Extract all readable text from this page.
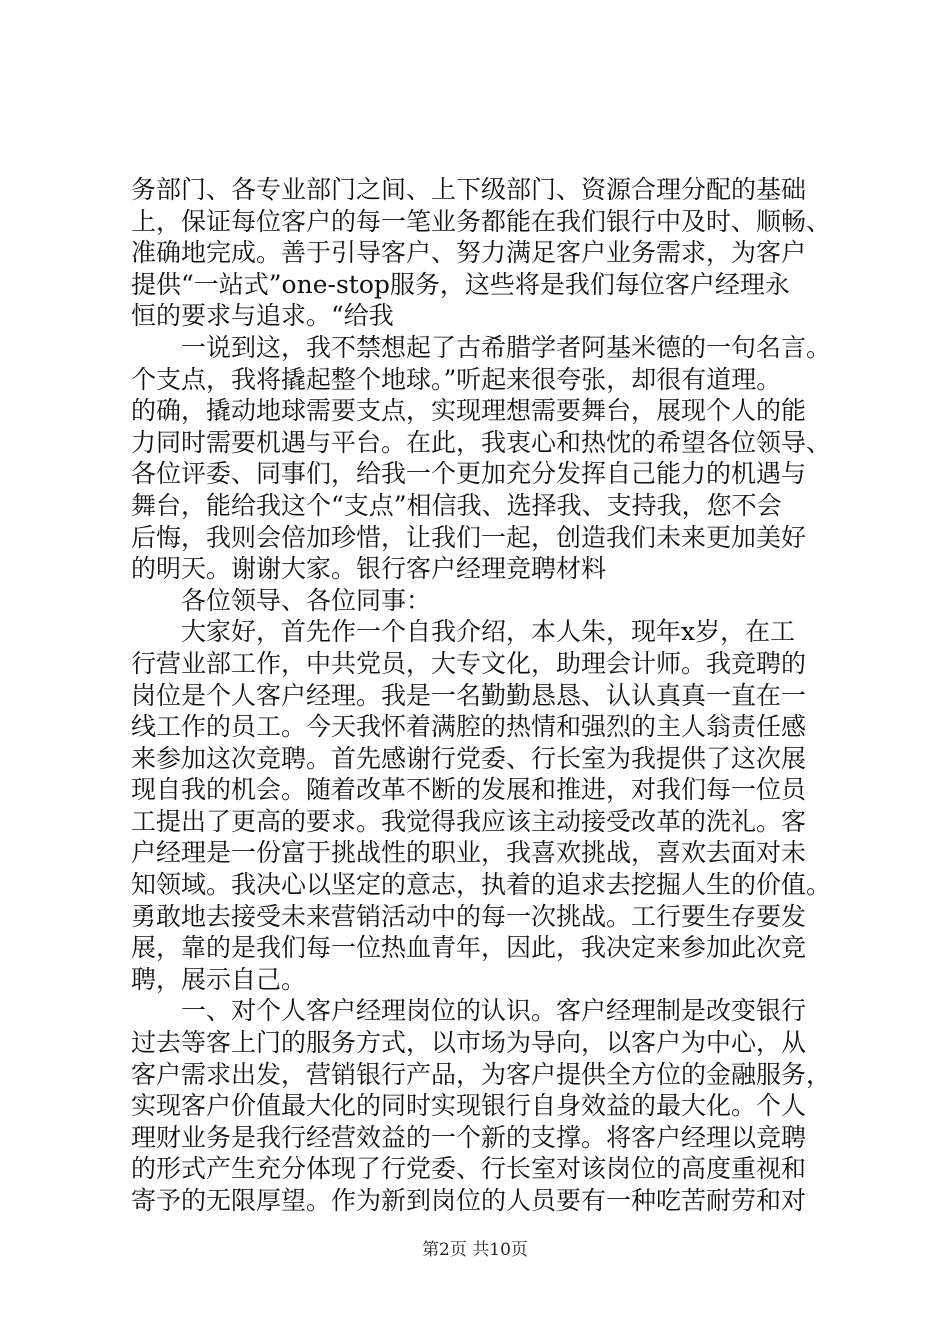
务部门、各专业部门之间、上下级部门、资源合理分配的基础
上，保证每位客户的每一笔业务都能在我们银行中及时、顺畅、
准确地完成。善于引导客户、努力满足客户业务需求，为客户
提供“一站式”one-stop服务，这些将是我们每位客户经理永
恒的要求与追求。“给我
一说到这，我不禁想起了古希腊学者阿基米德的一句名言。
个支点，我将撬起整个地球。”听起来很夸张，却很有道理。
的确，撬动地球需要支点，实现理想需要舞台，展现个人的能
力同时需要机遇与平台。在此，我衷心和热忱的希望各位领导、
各位评委、同事们，给我一个更加充分发挥自己能力的机遇与
舞台，能给我这个“支点”相信我、选择我、支持我，您不会
后悔，我则会倍加珍惜，让我们一起，创造我们未来更加美好
的明天。谢谢大家。银行客户经理竞聘材料
各位领导、各位同事：
大家好，首先作一个自我介绍，本人朱，现年x岁，在工
行营业部工作，中共党员，大专文化，助理会计师。我竞聘的
岗位是个人客户经理。我是一名勤勤恳恳、认认真真一直在一
线工作的员工。今天我怀着满腔的热情和强烈的主人翁责任感
来参加这次竞聘。首先感谢行党委、行长室为我提供了这次展
现自我的机会。随着改革不断的发展和推进，对我们每一位员
工提出了更高的要求。我觉得我应该主动接受改革的洗礼。客
户经理是一份富于挑战性的职业，我喜欢挑战，喜欢去面对未
知领域。我决心以坚定的意志，执着的追求去挖掘人生的价值。
勇敢地去接受未来营销活动中的每一次挑战。工行要生存要发
展，靠的是我们每一位热血青年，因此，我决定来参加此次竞
聘，展示自己。
一、对个人客户经理岗位的认识。客户经理制是改变银行
过去等客上门的服务方式，以市场为导向，以客户为中心，从
客户需求出发，营销银行产品，为客户提供全方位的金融服务，
实现客户价值最大化的同时实现银行自身效益的最大化。个人
理财业务是我行经营效益的一个新的支撑。将客户经理以竞聘
的形式产生充分体现了行党委、行长室对该岗位的高度重视和
寄予的无限厚望。作为新到岗位的人员要有一种吃苦耐劳和对
第2页 共10页
